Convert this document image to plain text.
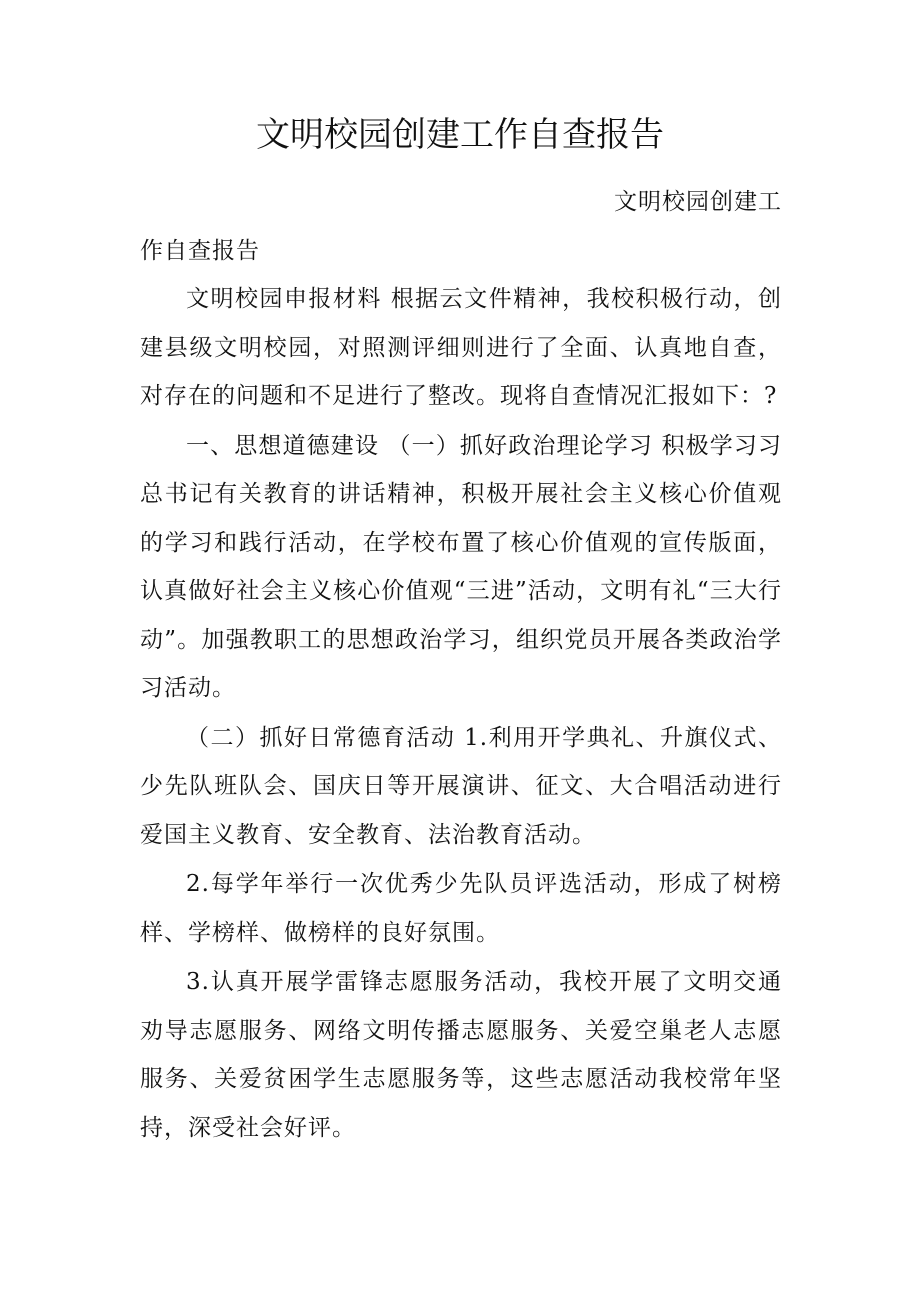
文明校园创建工作自查报告

文明校园创建工

作自查报告

文明校园申报材料 根据云文件精神，我校积极行动，创建县级文明校园，对照测评细则进行了全面、认真地自查，对存在的问题和不足进行了整改。现将自查情况汇报如下：?

一、思想道德建设 （一）抓好政治理论学习 积极学习习总书记有关教育的讲话精神，积极开展社会主义核心价值观的学习和践行活动，在学校布置了核心价值观的宣传版面，认真做好社会主义核心价值观“三进”活动，文明有礼“三大行动”。加强教职工的思想政治学习，组织党员开展各类政治学习活动。

（二）抓好日常德育活动 1.利用开学典礼、升旗仪式、少先队班队会、国庆日等开展演讲、征文、大合唱活动进行爱国主义教育、安全教育、法治教育活动。

2.每学年举行一次优秀少先队员评选活动，形成了树榜样、学榜样、做榜样的良好氛围。

3.认真开展学雷锋志愿服务活动，我校开展了文明交通劝导志愿服务、网络文明传播志愿服务、关爱空巢老人志愿服务、关爱贫困学生志愿服务等，这些志愿活动我校常年坚持，深受社会好评。
